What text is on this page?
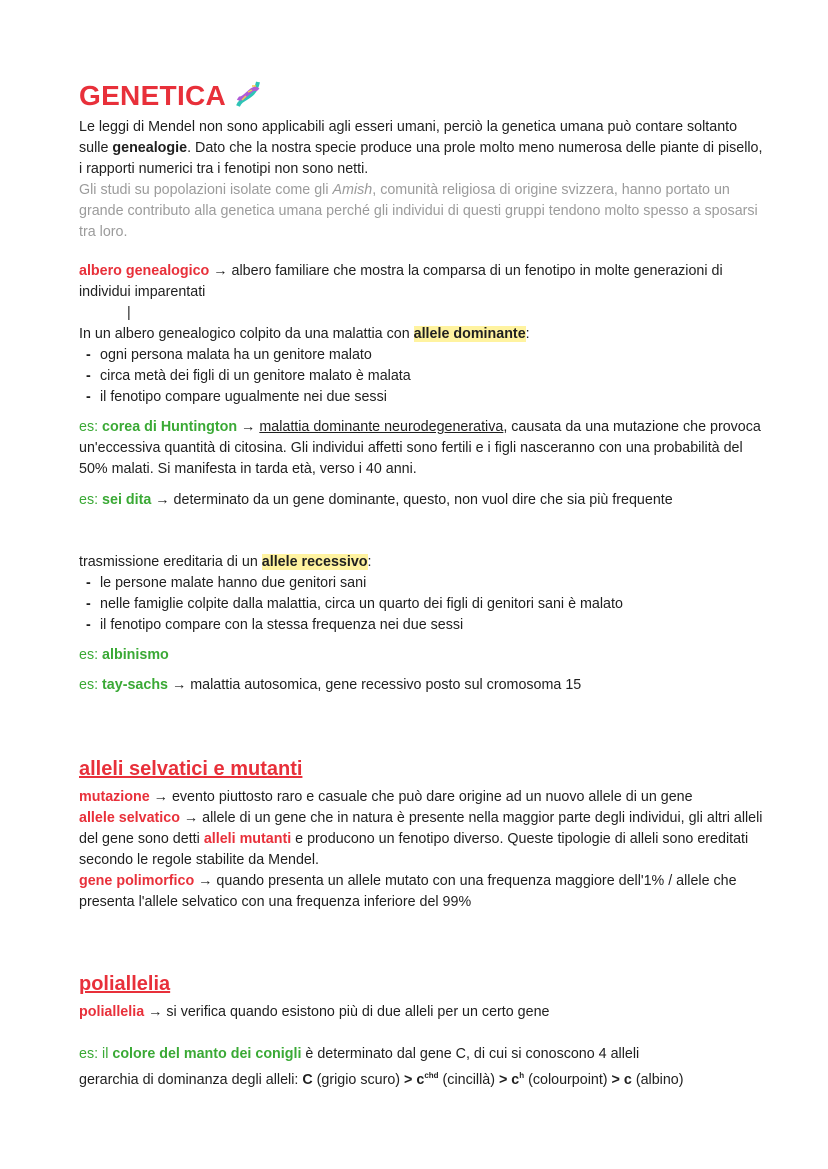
GENETICA
Le leggi di Mendel non sono applicabili agli esseri umani, perciò la genetica umana può contare soltanto sulle genealogie. Dato che la nostra specie produce una prole molto meno numerosa delle piante di pisello, i rapporti numerici tra i fenotipi non sono netti.
Gli studi su popolazioni isolate come gli Amish, comunità religiosa di origine svizzera, hanno portato un grande contributo alla genetica umana perché gli individui di questi gruppi tendono molto spesso a sposarsi tra loro.
albero genealogico → albero familiare che mostra la comparsa di un fenotipo in molte generazioni di individui imparentati
|
In un albero genealogico colpito da una malattia con allele dominante:
- ogni persona malata ha un genitore malato
- circa metà dei figli di un genitore malato è malata
- il fenotipo compare ugualmente nei due sessi
es: corea di Huntington → malattia dominante neurodegenerativa, causata da una mutazione che provoca un'eccessiva quantità di citosina. Gli individui affetti sono fertili e i figli nasceranno con una probabilità del 50% malati. Si manifesta in tarda età, verso i 40 anni.
es: sei dita → determinato da un gene dominante, questo, non vuol dire che sia più frequente
trasmissione ereditaria di un allele recessivo:
- le persone malate hanno due genitori sani
- nelle famiglie colpite dalla malattia, circa un quarto dei figli di genitori sani è malato
- il fenotipo compare con la stessa frequenza nei due sessi
es: albinismo
es: tay-sachs → malattia autosomica, gene recessivo posto sul cromosoma 15
alleli selvatici e mutanti
mutazione → evento piuttosto raro e casuale che può dare origine ad un nuovo allele di un gene
allele selvatico → allele di un gene che in natura è presente nella maggior parte degli individui, gli altri alleli del gene sono detti alleli mutanti e producono un fenotipo diverso. Queste tipologie di alleli sono ereditati secondo le regole stabilite da Mendel.
gene polimorfico → quando presenta un allele mutato con una frequenza maggiore dell'1% / allele che presenta l'allele selvatico con una frequenza inferiore del 99%
poliallelia
poliallelia → si verifica quando esistono più di due alleli per un certo gene
es: il colore del manto dei conigli è determinato dal gene C, di cui si conoscono 4 alleli
gerarchia di dominanza degli alleli: C (grigio scuro) > $c^{chd}$ (cincillà) > $c^h$ (colourpoint) > c (albino)
